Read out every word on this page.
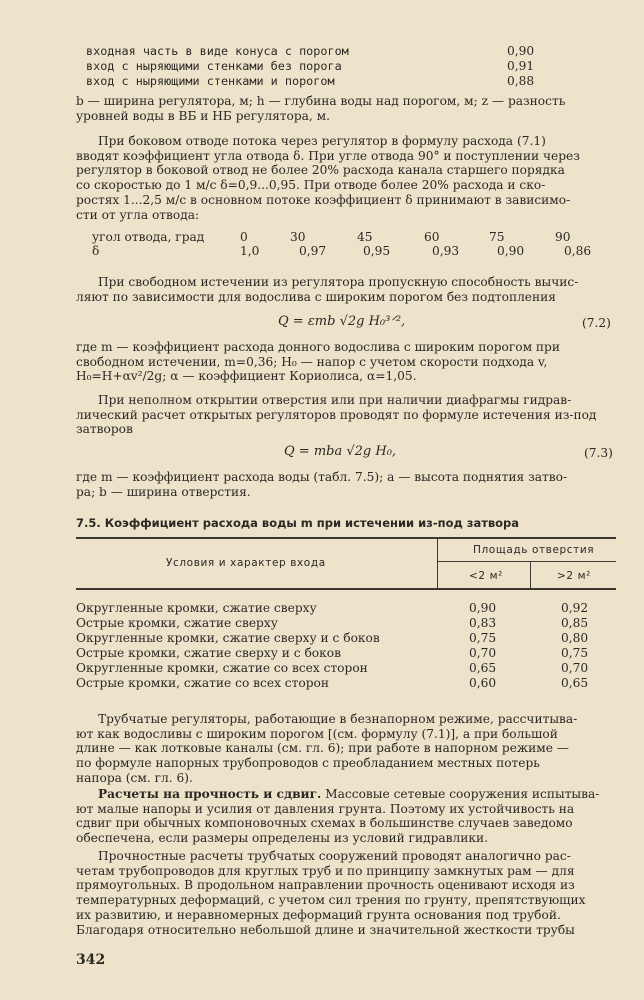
входная часть в виде конуса с порогом	0,90
вход с ныряющими стенками без порога	0,91
вход с ныряющими стенками и порогом	0,88
b — ширина регулятора, м; h — глубина воды над порогом, м; z — разность
уровней воды в ВБ и НБ регулятора, м.
При боковом отводе потока через регулятор в формулу расхода (7.1)
вводят коэффициент угла отвода δ. При угле отвода 90° и поступлении через
регулятор в боковой отвод не более 20% расхода канала старшего порядка
со скоростью до 1 м/с δ=0,9...0,95. При отводе более 20% расхода и ско-
ростях 1...2,5 м/с в основном потоке коэффициент δ принимают в зависимо-
сти от угла отвода:
угол отвода, град	0	30	45	60	75	90
δ	1,0	0,97	0,95	0,93	0,90	0,86
При свободном истечении из регулятора пропускную способность вычис-
ляют по зависимости для водослива с широким порогом без подтопления
Q = εmb √2g H₀³ᐟ²,	(7.2)
где m — коэффициент расхода донного водослива с широким порогом при
свободном истечении, m=0,36; H₀ — напор с учетом скорости подхода v,
H₀=H+αv²/2g; α — коэффициент Кориолиса, α=1,05.
При неполном открытии отверстия или при наличии диафрагмы гидрав-
лический расчет открытых регуляторов проводят по формуле истечения из-под
затворов
Q = mba √2g H₀,	(7.3)
где m — коэффициент расхода воды (табл. 7.5); a — высота поднятия затво-
ра; b — ширина отверстия.
7.5. Коэффициент расхода воды m при истечении из-под затвора
Условия и характер входа
Площадь отверстия
<2 м²	>2 м²
Округленные кромки, сжатие сверху	0,90	0,92
Острые кромки, сжатие сверху	0,83	0,85
Округленные кромки, сжатие сверху и с боков	0,75	0,80
Острые кромки, сжатие сверху и с боков	0,70	0,75
Округленные кромки, сжатие со всех сторон	0,65	0,70
Острые кромки, сжатие со всех сторон	0,60	0,65
Трубчатые регуляторы, работающие в безнапорном режиме, рассчитыва-
ют как водосливы с широким порогом [(см. формулу (7.1)], а при большой
длине — как лотковые каналы (см. гл. 6); при работе в напорном режиме —
по формуле напорных трубопроводов с преобладанием местных потерь
напора (см. гл. 6).
Расчеты на прочность и сдвиг. Массовые сетевые сооружения испытыва-
ют малые напоры и усилия от давления грунта. Поэтому их устойчивость на
сдвиг при обычных компоновочных схемах в большинстве случаев заведомо
обеспечена, если размеры определены из условий гидравлики.
Прочностные расчеты трубчатых сооружений проводят аналогично рас-
четам трубопроводов для круглых труб и по принципу замкнутых рам — для
прямоугольных. В продольном направлении прочность оценивают исходя из
температурных деформаций, с учетом сил трения по грунту, препятствующих
их развитию, и неравномерных деформаций грунта основания под трубой.
Благодаря относительно небольшой длине и значительной жесткости трубы
342
